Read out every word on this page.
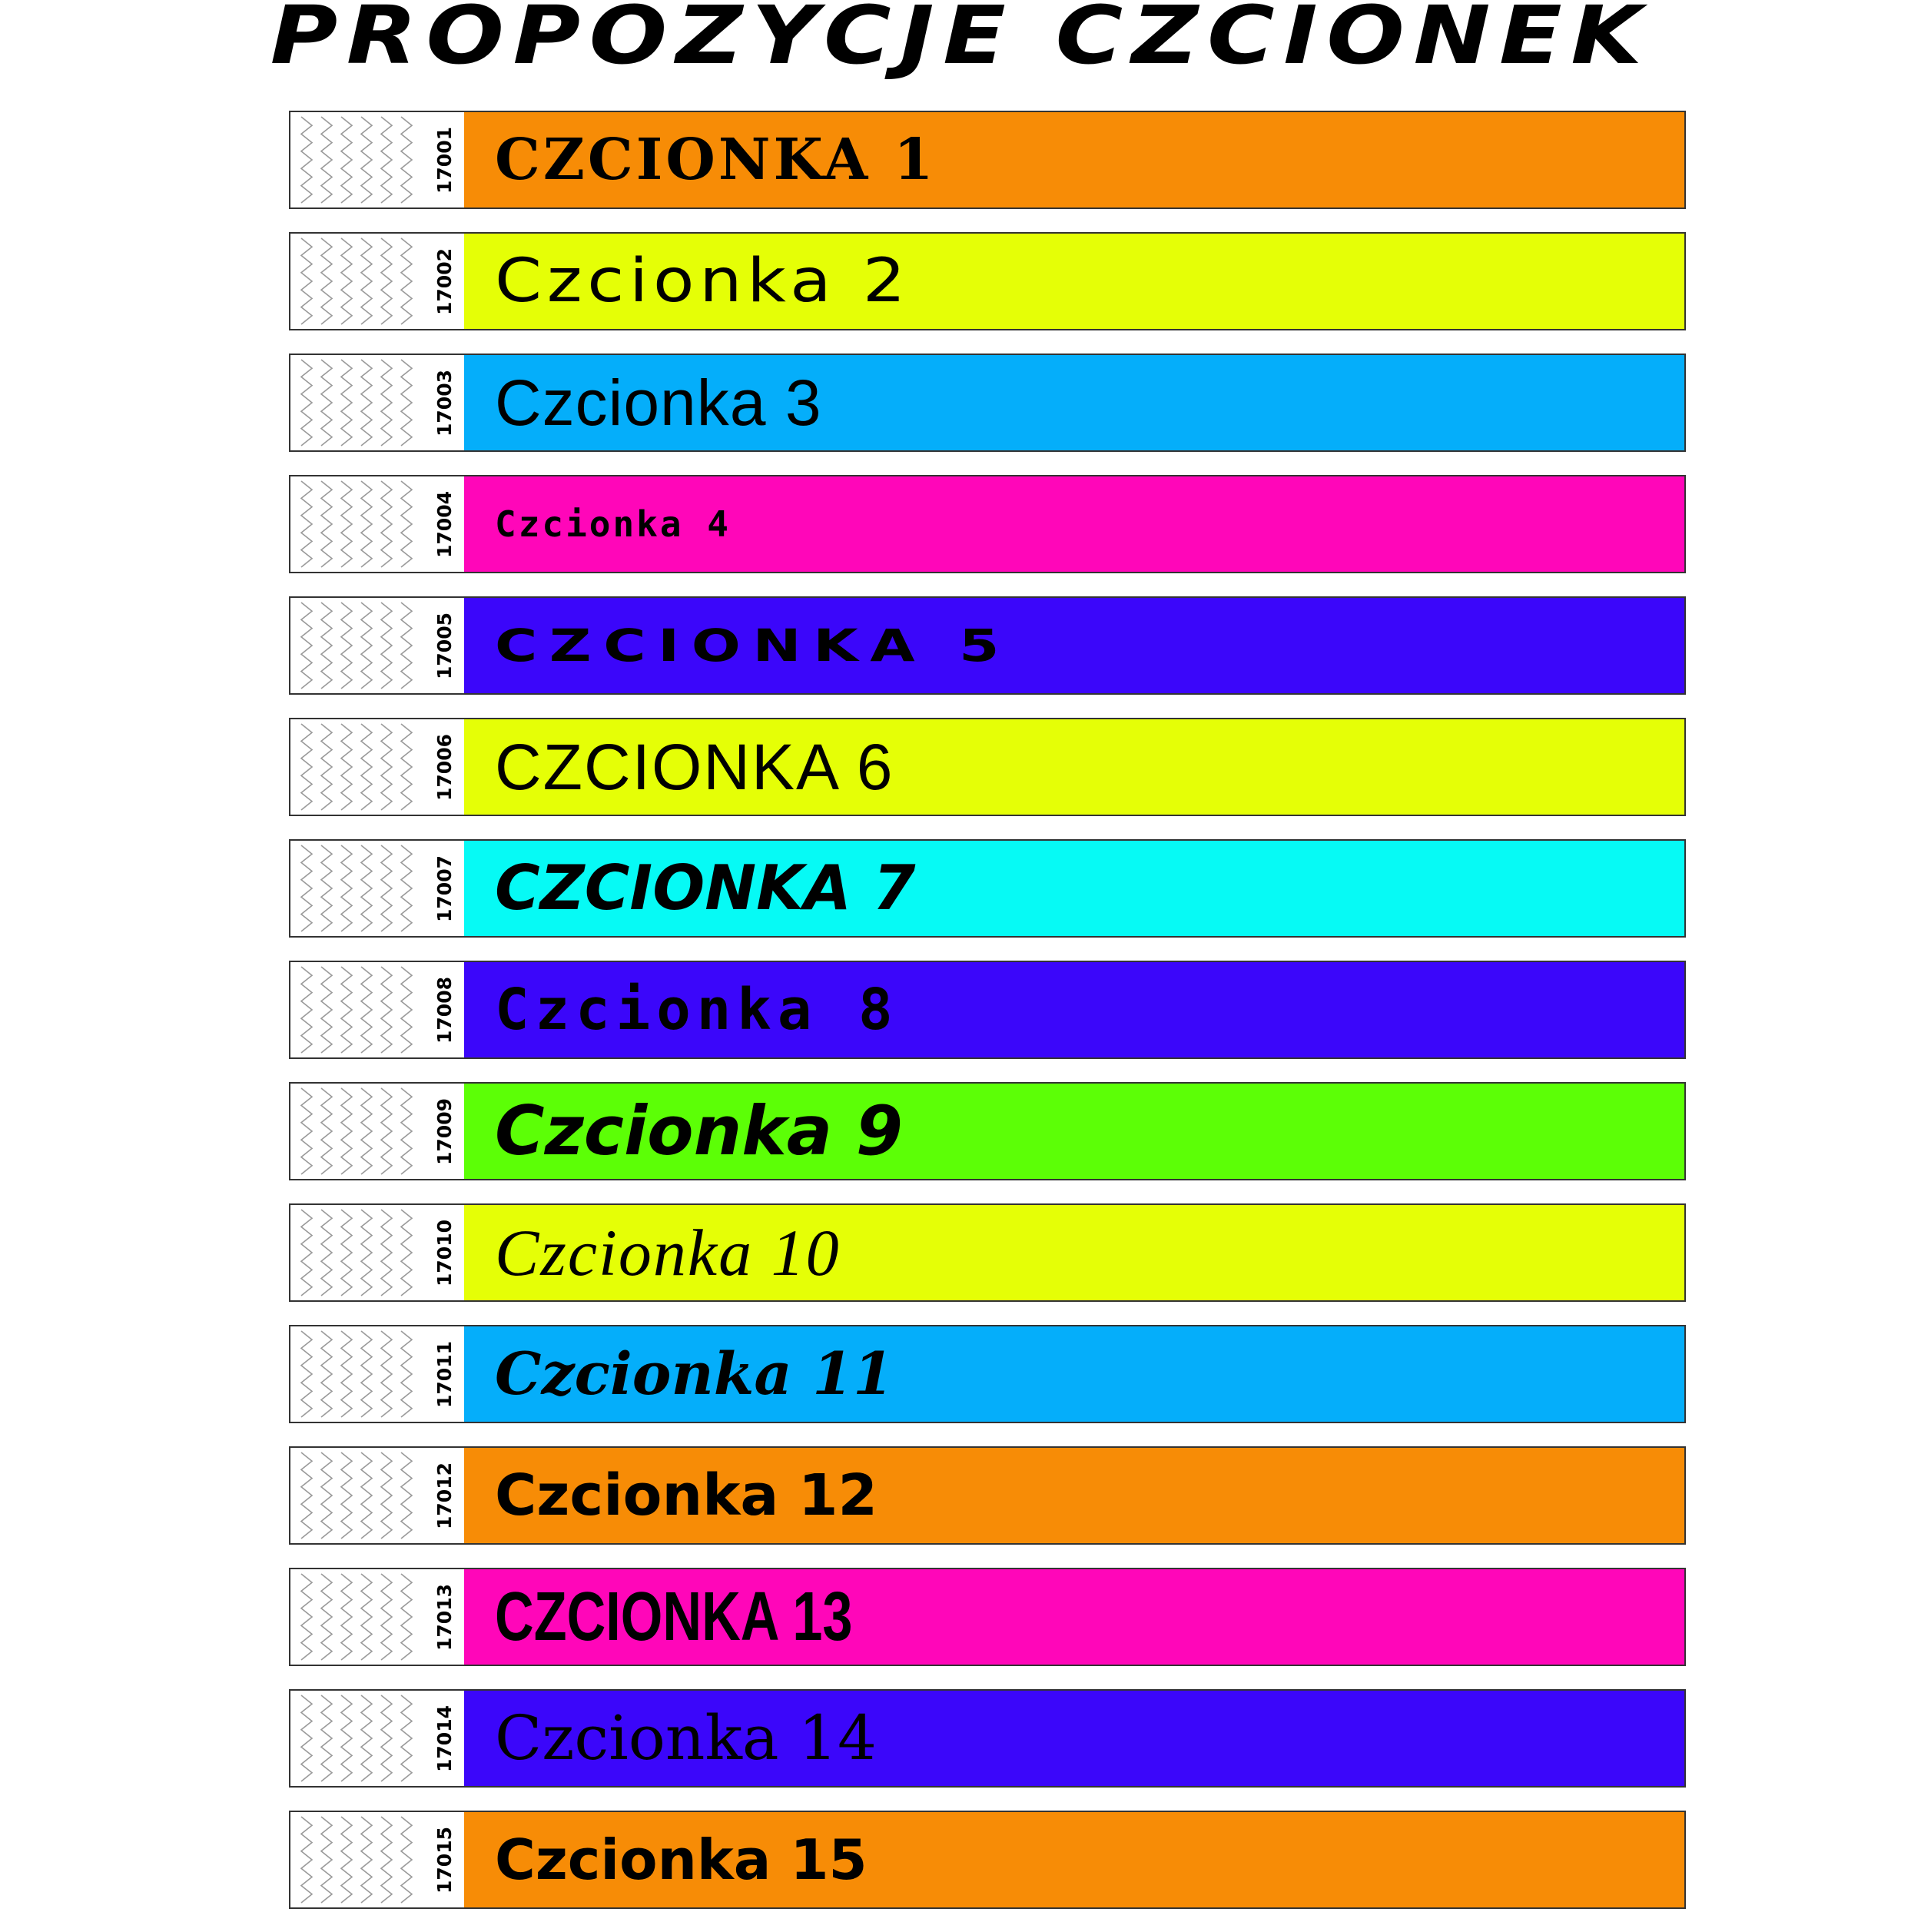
PROPOZYCJE CZCIONEK
17001 CZCIONKA 1
17002 Czcionka 2
17003 Czcionka 3
17004 Czcionka 4
17005 CZCIONKA 5
17006 CZCIONKA 6
17007 CZCIONKA 7
17008 Czcionka 8
17009 Czcionka 9
17010 Czcionka 10
17011 Czcionka 11
17012 Czcionka 12
17013 CZCIONKA 13
17014 Czcionka 14
17015 Czcionka 15
